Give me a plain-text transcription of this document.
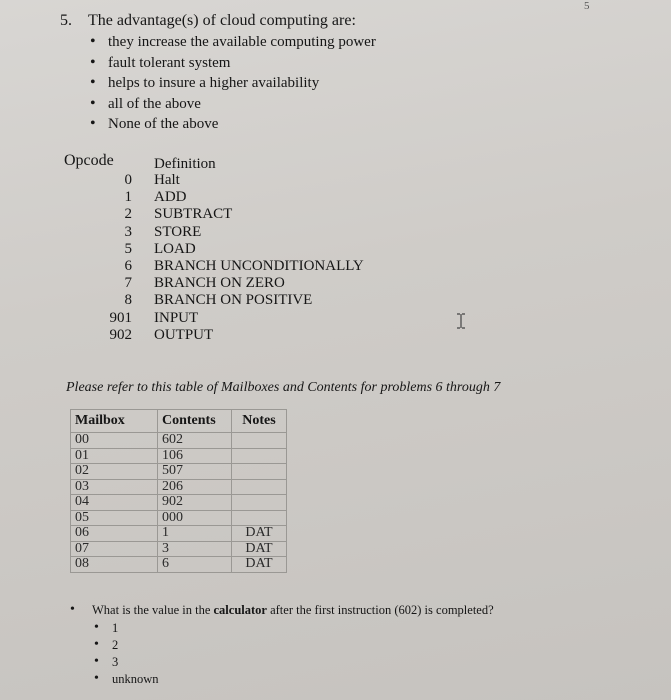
5
5. The advantage(s) of cloud computing are:
• they increase the available computing power
• fault tolerant system
• helps to insure a higher availability
• all of the above
• None of the above
Opcode	Definition
0	Halt
1	ADD
2	SUBTRACT
3	STORE
5	LOAD
6	BRANCH UNCONDITIONALLY
7	BRANCH ON ZERO
8	BRANCH ON POSITIVE
901	INPUT
902	OUTPUT
Please refer to this table of Mailboxes and Contents for problems 6 through 7
Mailbox	Contents	Notes
00	602	
01	106	
02	507	
03	206	
04	902	
05	000	
06	1	DAT
07	3	DAT
08	6	DAT
• What is the value in the calculator after the first instruction (602) is completed?
• 1
• 2
• 3
• unknown
